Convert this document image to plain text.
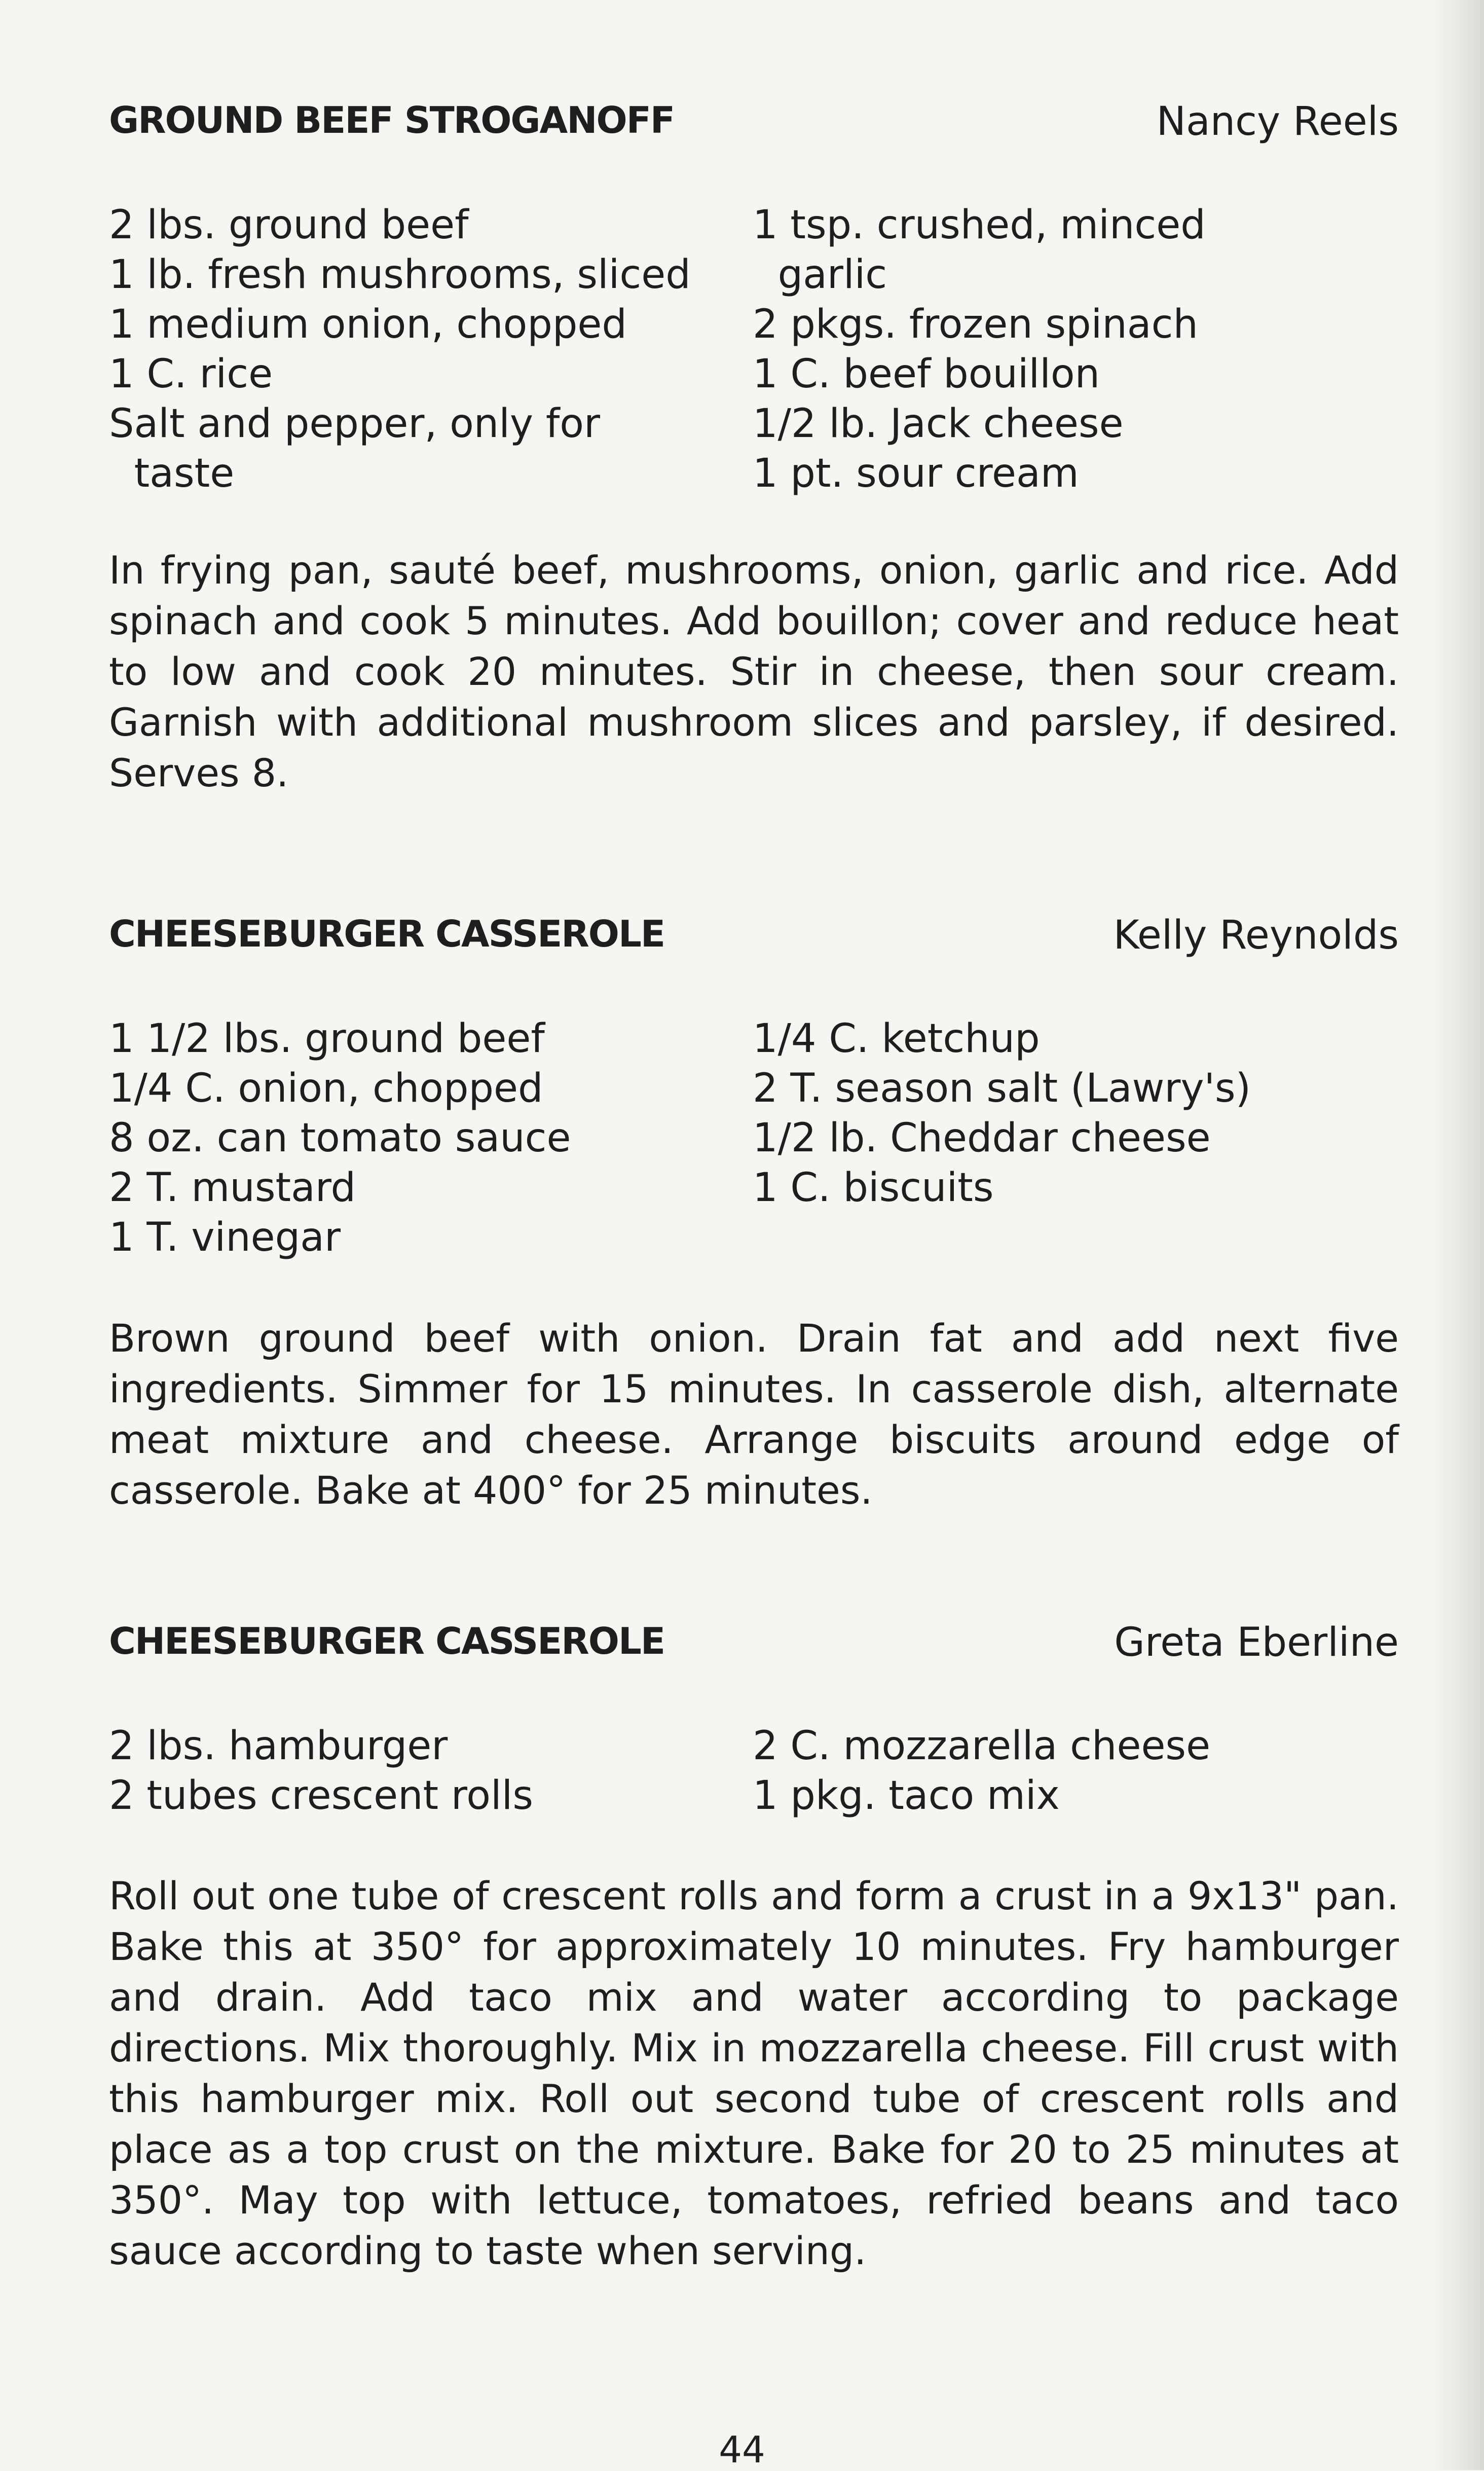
GROUND BEEF STROGANOFF	Nancy Reels
2 lbs. ground beef
1 lb. fresh mushrooms, sliced
1 medium onion, chopped
1 C. rice
Salt and pepper, only for
taste
1 tsp. crushed, minced
garlic
2 pkgs. frozen spinach
1 C. beef bouillon
1/2 lb. Jack cheese
1 pt. sour cream

In frying pan, sauté beef, mushrooms, onion, garlic and rice. Add spinach and cook 5 minutes. Add bouillon; cover and reduce heat to low and cook 20 minutes. Stir in cheese, then sour cream. Garnish with additional mushroom slices and parsley, if desired. Serves 8.

CHEESEBURGER CASSEROLE	Kelly Reynolds
1 1/2 lbs. ground beef
1/4 C. onion, chopped
8 oz. can tomato sauce
2 T. mustard
1 T. vinegar
1/4 C. ketchup
2 T. season salt (Lawry's)
1/2 lb. Cheddar cheese
1 C. biscuits

Brown ground beef with onion. Drain fat and add next five ingredients. Simmer for 15 minutes. In casserole dish, alternate meat mixture and cheese. Arrange biscuits around edge of casserole. Bake at 400° for 25 minutes.

CHEESEBURGER CASSEROLE	Greta Eberline
2 lbs. hamburger
2 tubes crescent rolls
2 C. mozzarella cheese
1 pkg. taco mix

Roll out one tube of crescent rolls and form a crust in a 9x13" pan. Bake this at 350° for approximately 10 minutes. Fry hamburger and drain. Add taco mix and water according to package directions. Mix thoroughly. Mix in mozzarella cheese. Fill crust with this hamburger mix. Roll out second tube of crescent rolls and place as a top crust on the mixture. Bake for 20 to 25 minutes at 350°. May top with lettuce, tomatoes, refried beans and taco sauce according to taste when serving.

44
